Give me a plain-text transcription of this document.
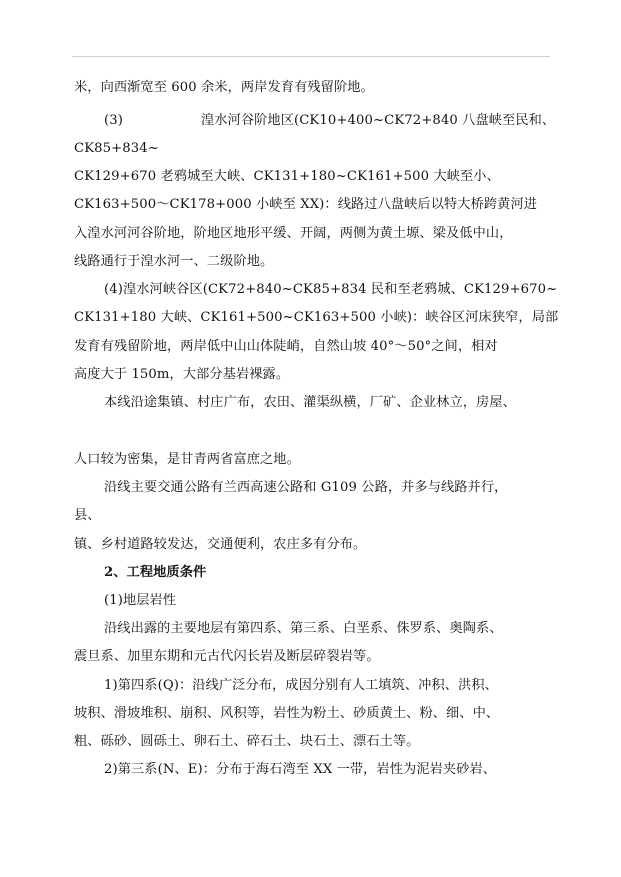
米，向西渐宽至 600 余米，两岸发育有残留阶地。
(3)	湟水河谷阶地区(CK10+400~CK72+840 八盘峡至民和、
CK85+834~
CK129+670 老鸦城至大峡、CK131+180~CK161+500 大峡至小、
CK163+500～CK178+000 小峡至 XX)：线路过八盘峡后以特大桥跨黄河进
入湟水河河谷阶地，阶地区地形平缓、开阔，两侧为黄土塬、梁及低中山，
线路通行于湟水河一、二级阶地。
(4)湟水河峡谷区(CK72+840~CK85+834 民和至老鸦城、CK129+670~
CK131+180 大峡、CK161+500~CK163+500 小峡)：峡谷区河床狭窄，局部
发育有残留阶地，两岸低中山山体陡峭，自然山坡 40°～50°之间，相对
高度大于 150m，大部分基岩裸露。
本线沿途集镇、村庄广布，农田、灌渠纵横，厂矿、企业林立，房屋、
人口较为密集，是甘青两省富庶之地。
沿线主要交通公路有兰西高速公路和 G109 公路，并多与线路并行，
县、
镇、乡村道路较发达，交通便利，农庄多有分布。
2、工程地质条件
(1)地层岩性
沿线出露的主要地层有第四系、第三系、白垩系、侏罗系、奥陶系、
震旦系、加里东期和元古代闪长岩及断层碎裂岩等。
1)第四系(Q)：沿线广泛分布，成因分别有人工填筑、冲积、洪积、
坡积、滑坡堆积、崩积、风积等，岩性为粉土、砂质黄土、粉、细、中、
粗、砾砂、圆砾土、卵石土、碎石土、块石土、漂石土等。
2)第三系(N、E)：分布于海石湾至 XX 一带，岩性为泥岩夹砂岩、
